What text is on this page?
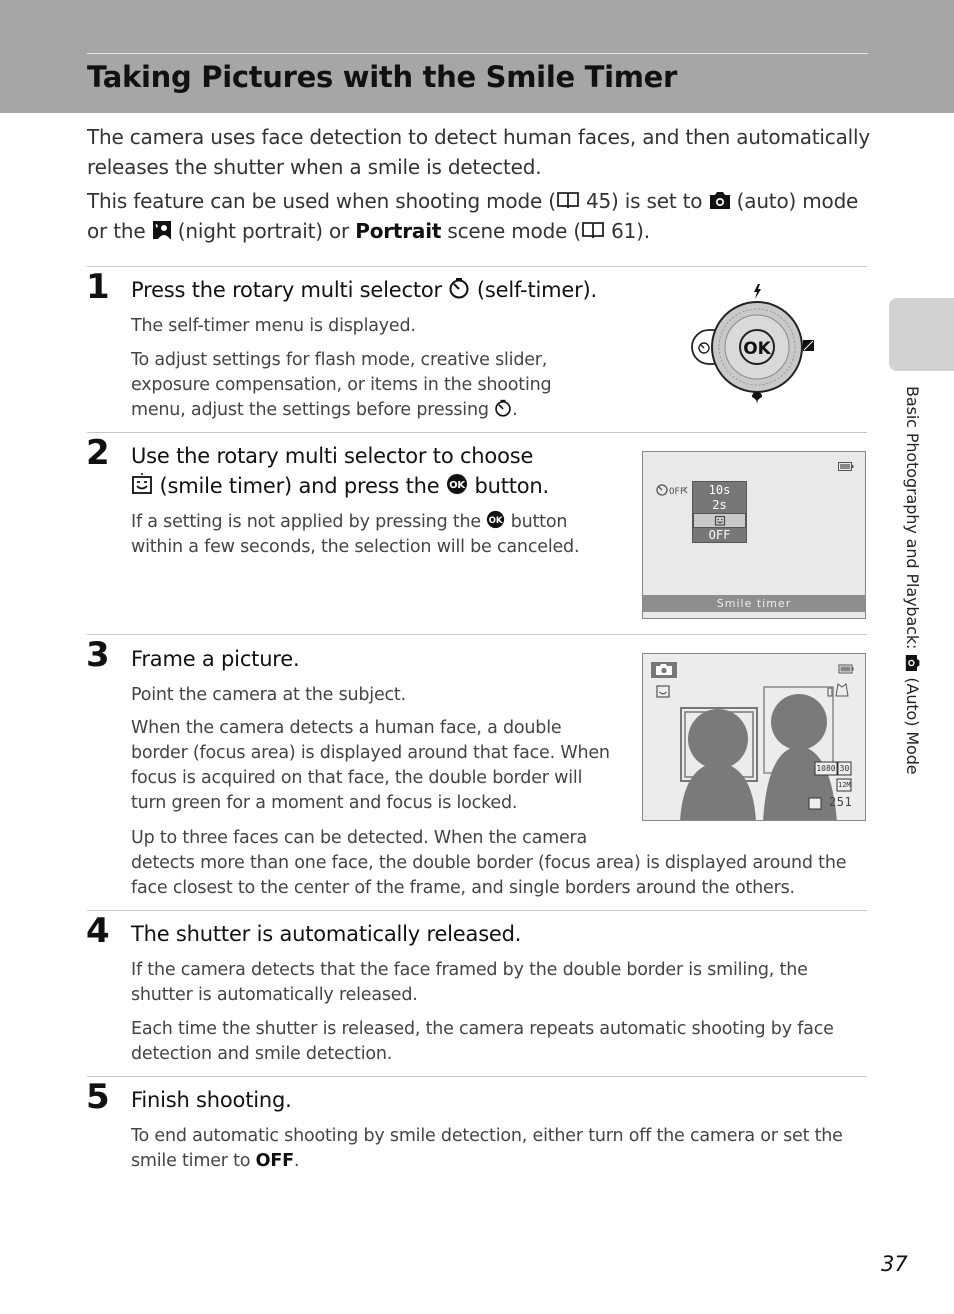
Taking Pictures with the Smile Timer

The camera uses face detection to detect human faces, and then automatically releases the shutter when a smile is detected.

This feature can be used when shooting mode ( 45) is set to  (auto) mode or the  (night portrait) or Portrait scene mode ( 61).

Basic Photography and Playback:  (Auto) Mode
1 Press the rotary multi selector  (self-timer).

The self-timer menu is displayed.

To adjust settings for flash mode, creative slider, exposure compensation, or items in the shooting menu, adjust the settings before pressing .

OK
2 Use the rotary multi selector to choose
(smile timer) and press the OK button.

If a setting is not applied by pressing the OK button within a few seconds, the selection will be canceled.

OFF	10s
2s
OFF
Smile timer
3 Frame a picture.

Point the camera at the subject.

When the camera detects a human face, a double border (focus area) is displayed around that face. When focus is acquired on that face, the double border will turn green for a moment and focus is locked.

Up to three faces can be detected. When the camera
detects more than one face, the double border (focus area) is displayed around the face closest to the center of the frame, and single borders around the others.

1080 30
12M
251
4 The shutter is automatically released.

If the camera detects that the face framed by the double border is smiling, the shutter is automatically released.

Each time the shutter is released, the camera repeats automatic shooting by face detection and smile detection.

5 Finish shooting.

To end automatic shooting by smile detection, either turn off the camera or set the smile timer to OFF.

37
